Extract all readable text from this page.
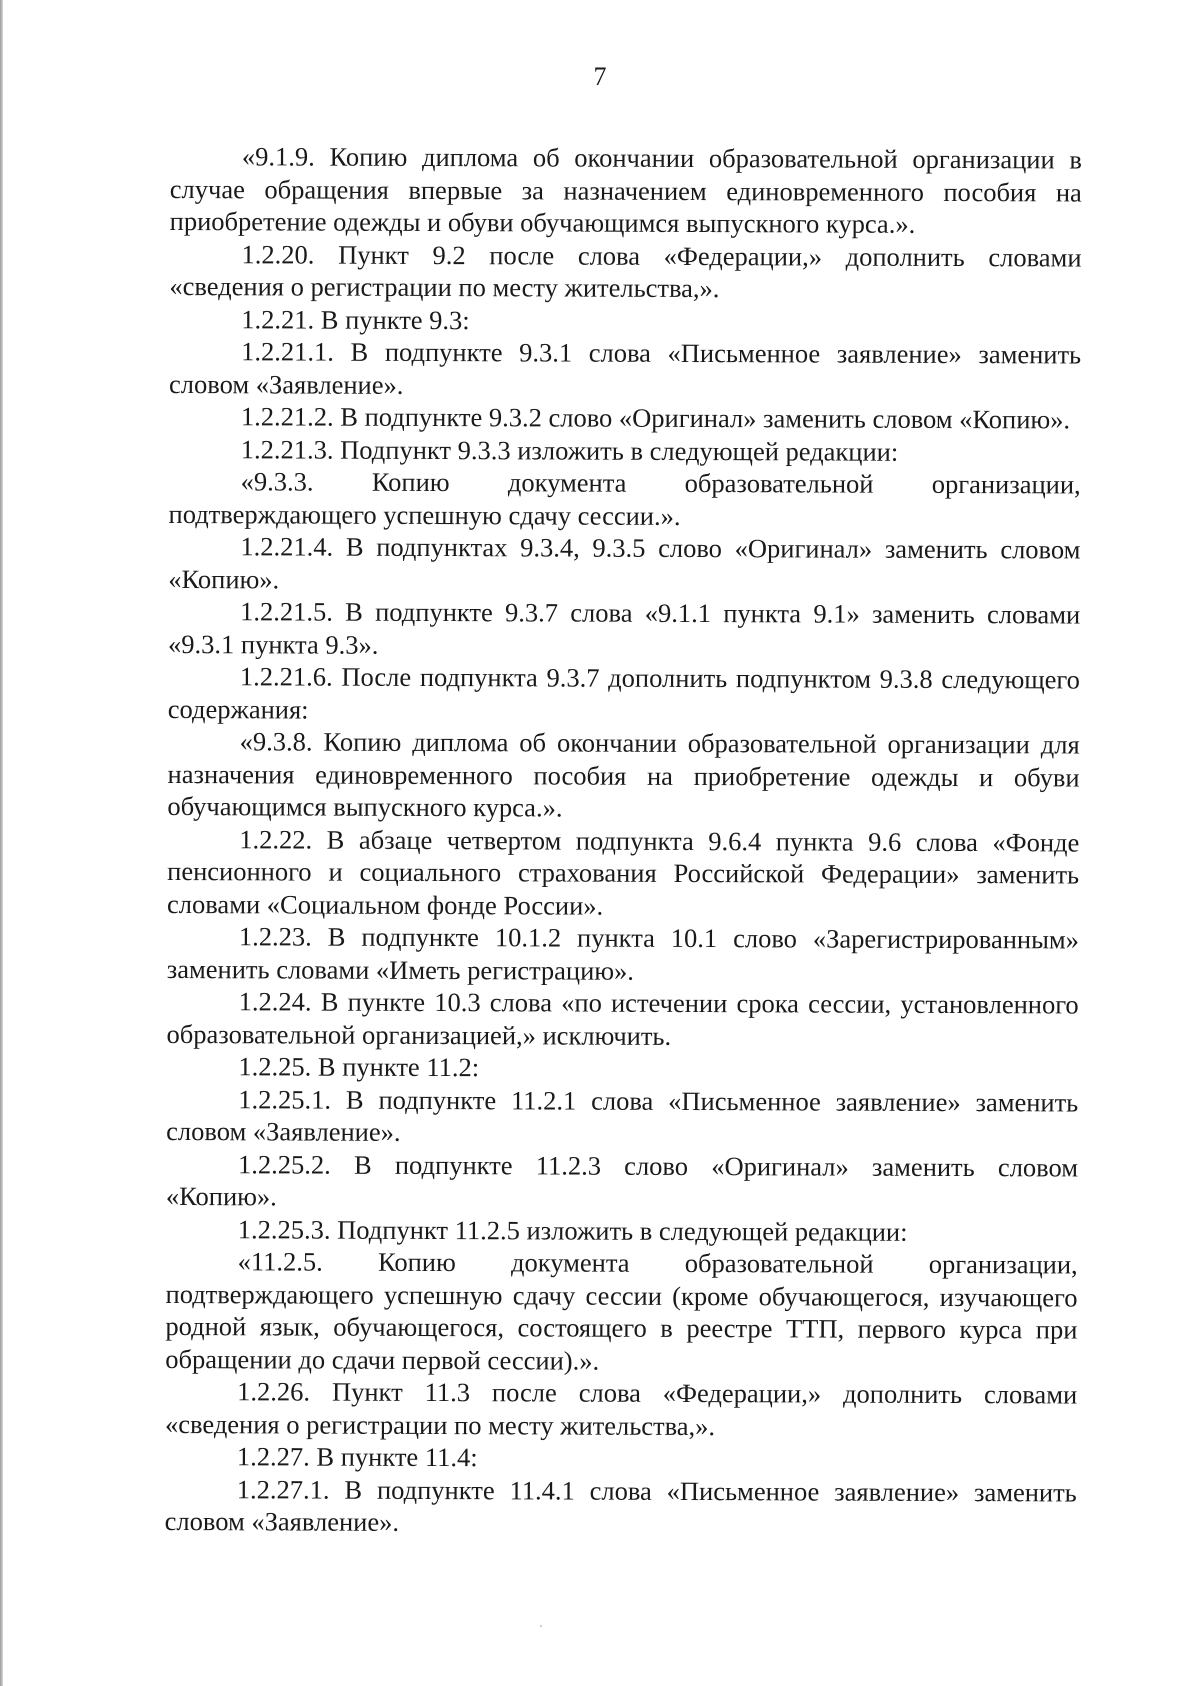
7

«9.1.9. Копию диплома об окончании образовательной организации в случае обращения впервые за назначением единовременного пособия на приобретение одежды и обуви обучающимся выпускного курса.».

1.2.20. Пункт 9.2 после слова «Федерации,» дополнить словами «сведения о регистрации по месту жительства,».

1.2.21. В пункте 9.3:

1.2.21.1. В подпункте 9.3.1 слова «Письменное заявление» заменить словом «Заявление».

1.2.21.2. В подпункте 9.3.2 слово «Оригинал» заменить словом «Копию».

1.2.21.3. Подпункт 9.3.3 изложить в следующей редакции:

«9.3.3. Копию документа образовательной организации, подтверждающего успешную сдачу сессии.».

1.2.21.4. В подпунктах 9.3.4, 9.3.5 слово «Оригинал» заменить словом «Копию».

1.2.21.5. В подпункте 9.3.7 слова «9.1.1 пункта 9.1» заменить словами «9.3.1 пункта 9.3».

1.2.21.6. После подпункта 9.3.7 дополнить подпунктом 9.3.8 следующего содержания:

«9.3.8. Копию диплома об окончании образовательной организации для назначения единовременного пособия на приобретение одежды и обуви обучающимся выпускного курса.».

1.2.22. В абзаце четвертом подпункта 9.6.4 пункта 9.6 слова «Фонде пенсионного и социального страхования Российской Федерации» заменить словами «Социальном фонде России».

1.2.23. В подпункте 10.1.2 пункта 10.1 слово «Зарегистрированным» заменить словами «Иметь регистрацию».

1.2.24. В пункте 10.3 слова «по истечении срока сессии, установленного образовательной организацией,» исключить.

1.2.25. В пункте 11.2:

1.2.25.1. В подпункте 11.2.1 слова «Письменное заявление» заменить словом «Заявление».

1.2.25.2. В подпункте 11.2.3 слово «Оригинал» заменить словом «Копию».

1.2.25.3. Подпункт 11.2.5 изложить в следующей редакции:

«11.2.5. Копию документа образовательной организации, подтверждающего успешную сдачу сессии (кроме обучающегося, изучающего родной язык, обучающегося, состоящего в реестре ТТП, первого курса при обращении до сдачи первой сессии).».

1.2.26. Пункт 11.3 после слова «Федерации,» дополнить словами «сведения о регистрации по месту жительства,».

1.2.27. В пункте 11.4:

1.2.27.1. В подпункте 11.4.1 слова «Письменное заявление» заменить словом «Заявление».
